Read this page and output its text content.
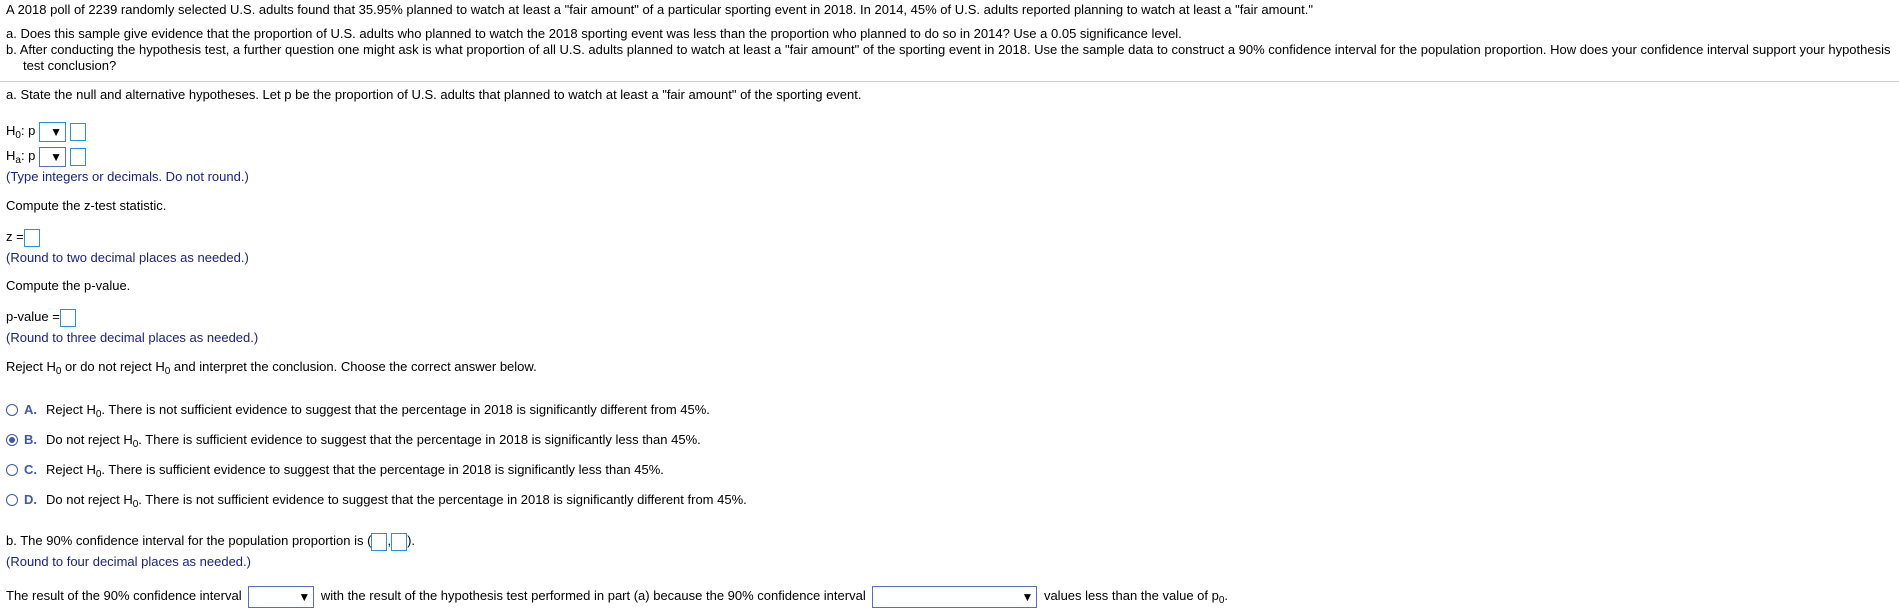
A 2018 poll of 2239 randomly selected U.S. adults found that 35.95% planned to watch at least a "fair amount" of a particular sporting event in 2018. In 2014, 45% of U.S. adults reported planning to watch at least a "fair amount."
a. Does this sample give evidence that the proportion of U.S. adults who planned to watch the 2018 sporting event was less than the proportion who planned to do so in 2014? Use a 0.05 significance level.
b. After conducting the hypothesis test, a further question one might ask is what proportion of all U.S. adults planned to watch at least a "fair amount" of the sporting event in 2018. Use the sample data to construct a 90% confidence interval for the population proportion. How does your confidence interval support your hypothesis
test conclusion?
a. State the null and alternative hypotheses. Let p be the proportion of U.S. adults that planned to watch at least a "fair amount" of the sporting event.
$H_0$: p ▼

$H_a$: p ▼

(Type integers or decimals. Do not round.)
Compute the z-test statistic.
z =
(Round to two decimal places as needed.)
Compute the p-value.
p-value =
(Round to three decimal places as needed.)
Reject $H_0$ or do not reject $H_0$ and interpret the conclusion. Choose the correct answer below.
A. Reject $H_0$. There is not sufficient evidence to suggest that the percentage in 2018 is significantly different from 45%.
B. Do not reject $H_0$. There is sufficient evidence to suggest that the percentage in 2018 is significantly less than 45%.
C. Reject $H_0$. There is sufficient evidence to suggest that the percentage in 2018 is significantly less than 45%.
D. Do not reject $H_0$. There is not sufficient evidence to suggest that the percentage in 2018 is significantly different from 45%.
b. The 90% confidence interval for the population proportion is ( , ).
(Round to four decimal places as needed.)
The result of the 90% confidence interval	▼ with the result of the hypothesis test performed in part (a) because the 90% confidence interval	▼ values less than the value of $p_0$.
